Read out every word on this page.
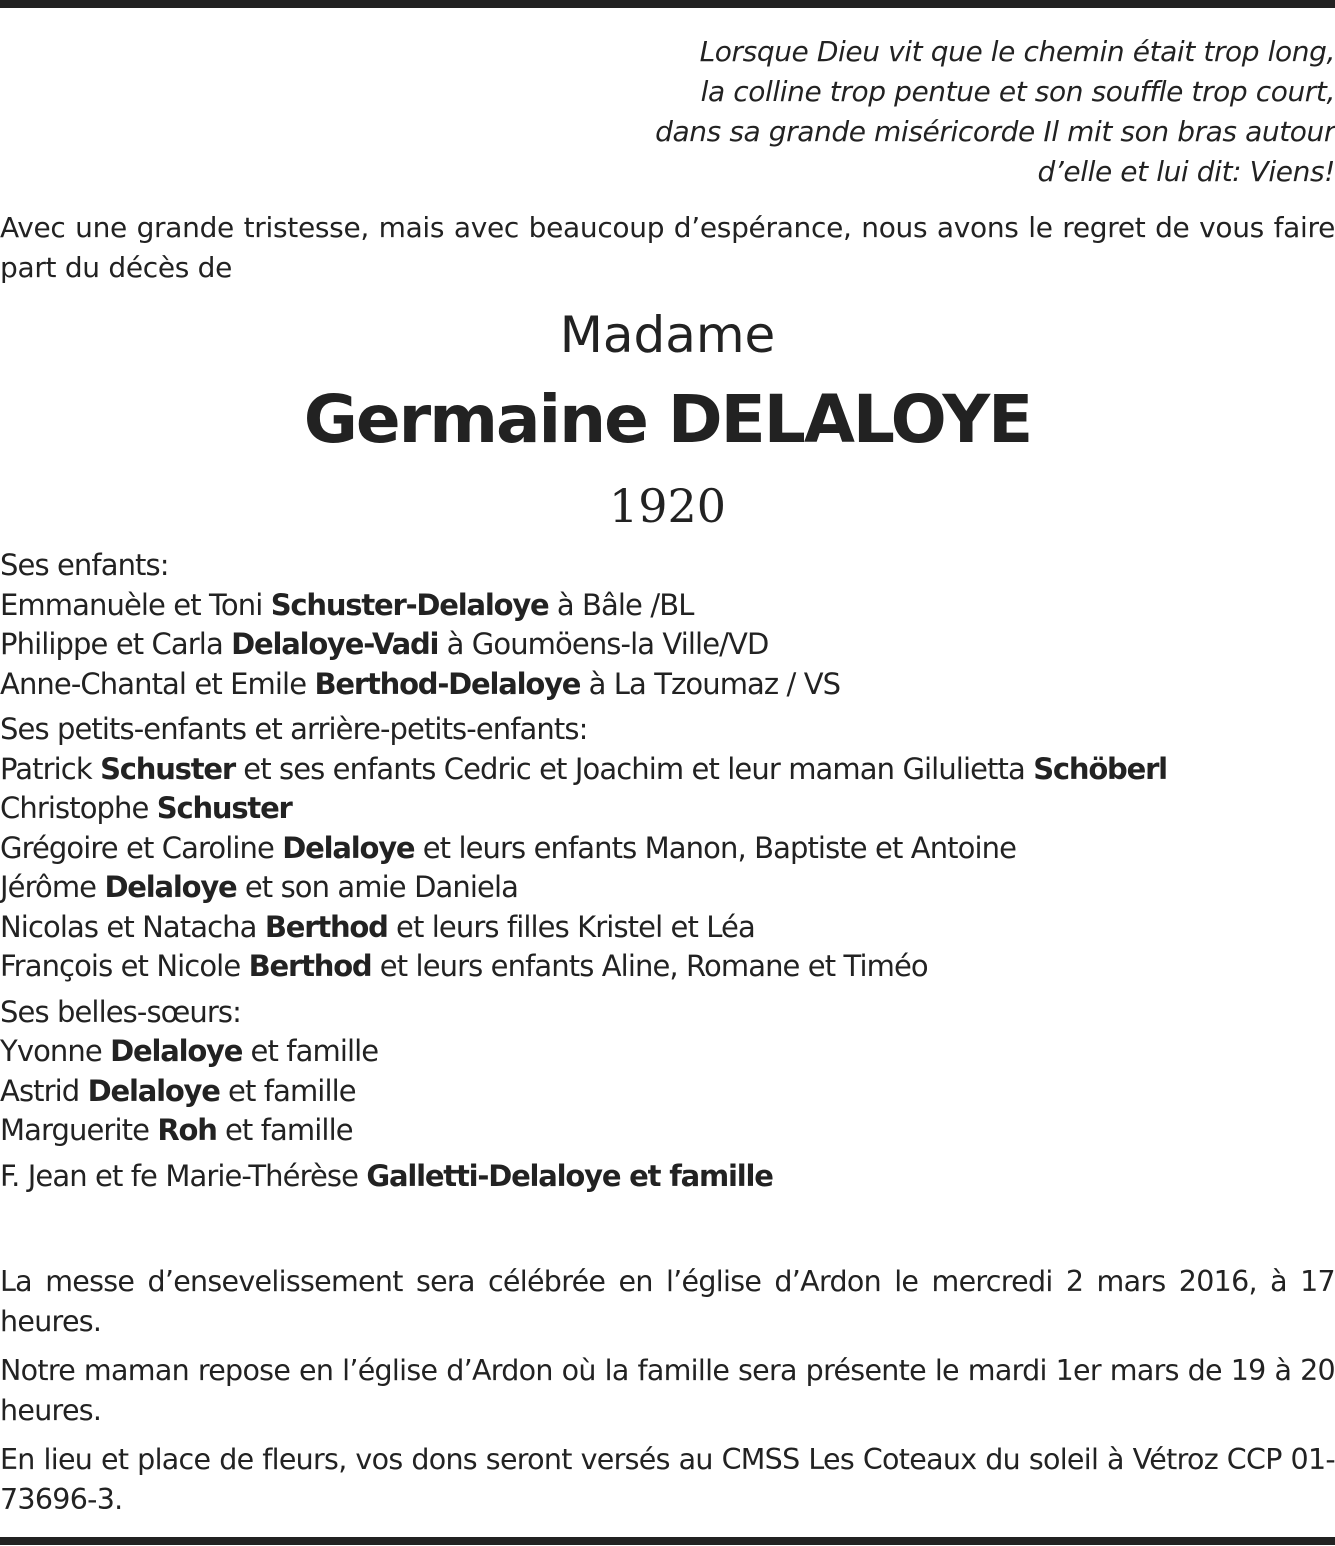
Lorsque Dieu vit que le chemin était trop long,
la colline trop pentue et son souffle trop court,
dans sa grande miséricorde Il mit son bras autour
d’elle et lui dit: Viens!
Avec une grande tristesse, mais avec beaucoup d’espérance, nous avons le regret de vous faire part du décès de
Madame
Germaine DELALOYE
1920
Ses enfants:
Emmanuèle et Toni Schuster-Delaloye à Bâle /BL
Philippe et Carla Delaloye-Vadi à Goumöens-la Ville/VD
Anne-Chantal et Emile Berthod-Delaloye à La Tzoumaz / VS
Ses petits-enfants et arrière-petits-enfants:
Patrick Schuster et ses enfants Cedric et Joachim et leur maman Gilulietta Schöberl
Christophe Schuster
Grégoire et Caroline Delaloye et leurs enfants Manon, Baptiste et Antoine
Jérôme Delaloye et son amie Daniela
Nicolas et Natacha Berthod et leurs filles Kristel et Léa
François et Nicole Berthod et leurs enfants Aline, Romane et Timéo
Ses belles-sœurs:
Yvonne Delaloye et famille
Astrid Delaloye et famille
Marguerite Roh et famille
F. Jean et fe Marie-Thérèse Galletti-Delaloye et famille

La messe d’ensevelissement sera célébrée en l’église d’Ardon le mercredi 2 mars 2016, à 17 heures.

Notre maman repose en l’église d’Ardon où la famille sera présente le mardi 1er mars de 19 à 20 heures.

En lieu et place de fleurs, vos dons seront versés au CMSS Les Coteaux du soleil à Vétroz CCP 01-73696-3.
